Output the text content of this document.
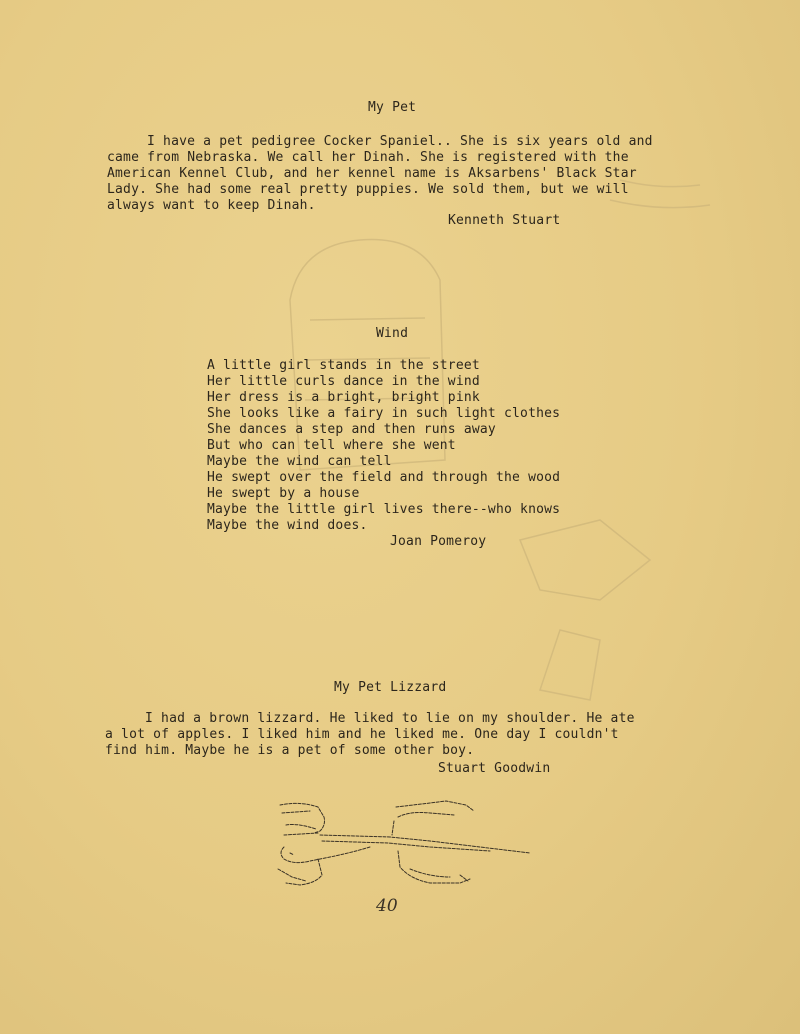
My Pet
I have a pet pedigree Cocker Spaniel.. She is six years old and
came from Nebraska. We call her Dinah. She is registered with the
American Kennel Club, and her kennel name is Aksarbens' Black Star
Lady. She had some real pretty puppies. We sold them, but we will
always want to keep Dinah.
Kenneth Stuart
Wind
A little girl stands in the street
Her little curls dance in the wind
Her dress is a bright, bright pink
She looks like a fairy in such light clothes
She dances a step and then runs away
But who can tell where she went
Maybe the wind can tell
He swept over the field and through the wood
He swept by a house
Maybe the little girl lives there--who knows
Maybe the wind does.
Joan Pomeroy
My Pet Lizzard
I had a brown lizzard. He liked to lie on my shoulder. He ate
a lot of apples. I liked him and he liked me. One day I couldn't
find him. Maybe he is a pet of some other boy.
Stuart Goodwin
40
